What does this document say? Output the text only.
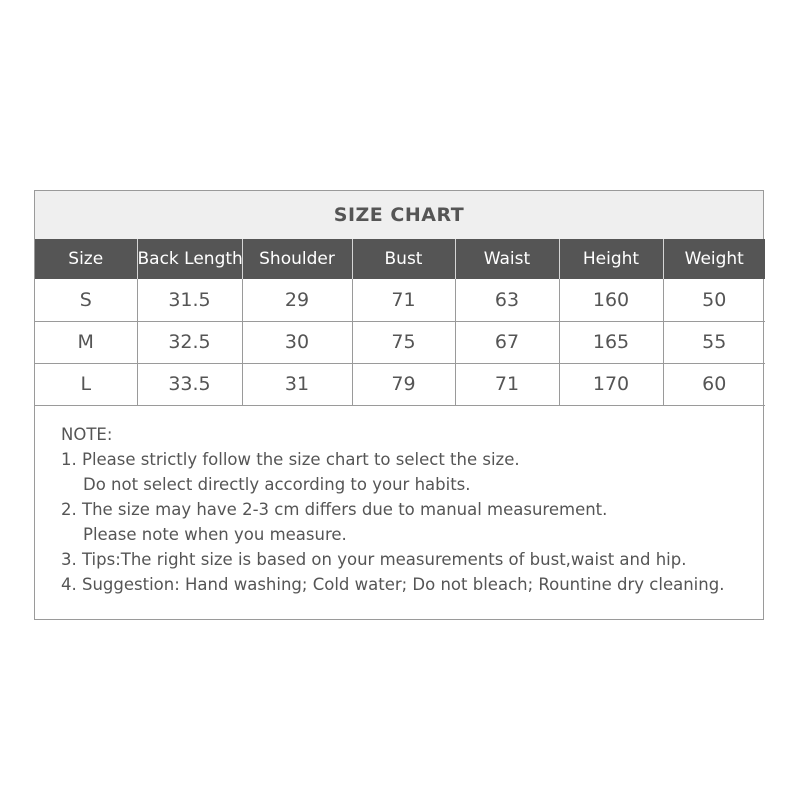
SIZE CHART
Size	Back Length	Shoulder	Bust	Waist	Height	Weight
S	31.5	29	71	63	160	50
M	32.5	30	75	67	165	55
L	33.5	31	79	71	170	60
NOTE:
1. Please strictly follow the size chart to select the size.
Do not select directly according to your habits.
2. The size may have 2-3 cm differs due to manual measurement.
Please note when you measure.
3. Tips:The right size is based on your measurements of bust,waist and hip.
4. Suggestion: Hand washing; Cold water; Do not bleach; Rountine dry cleaning.
